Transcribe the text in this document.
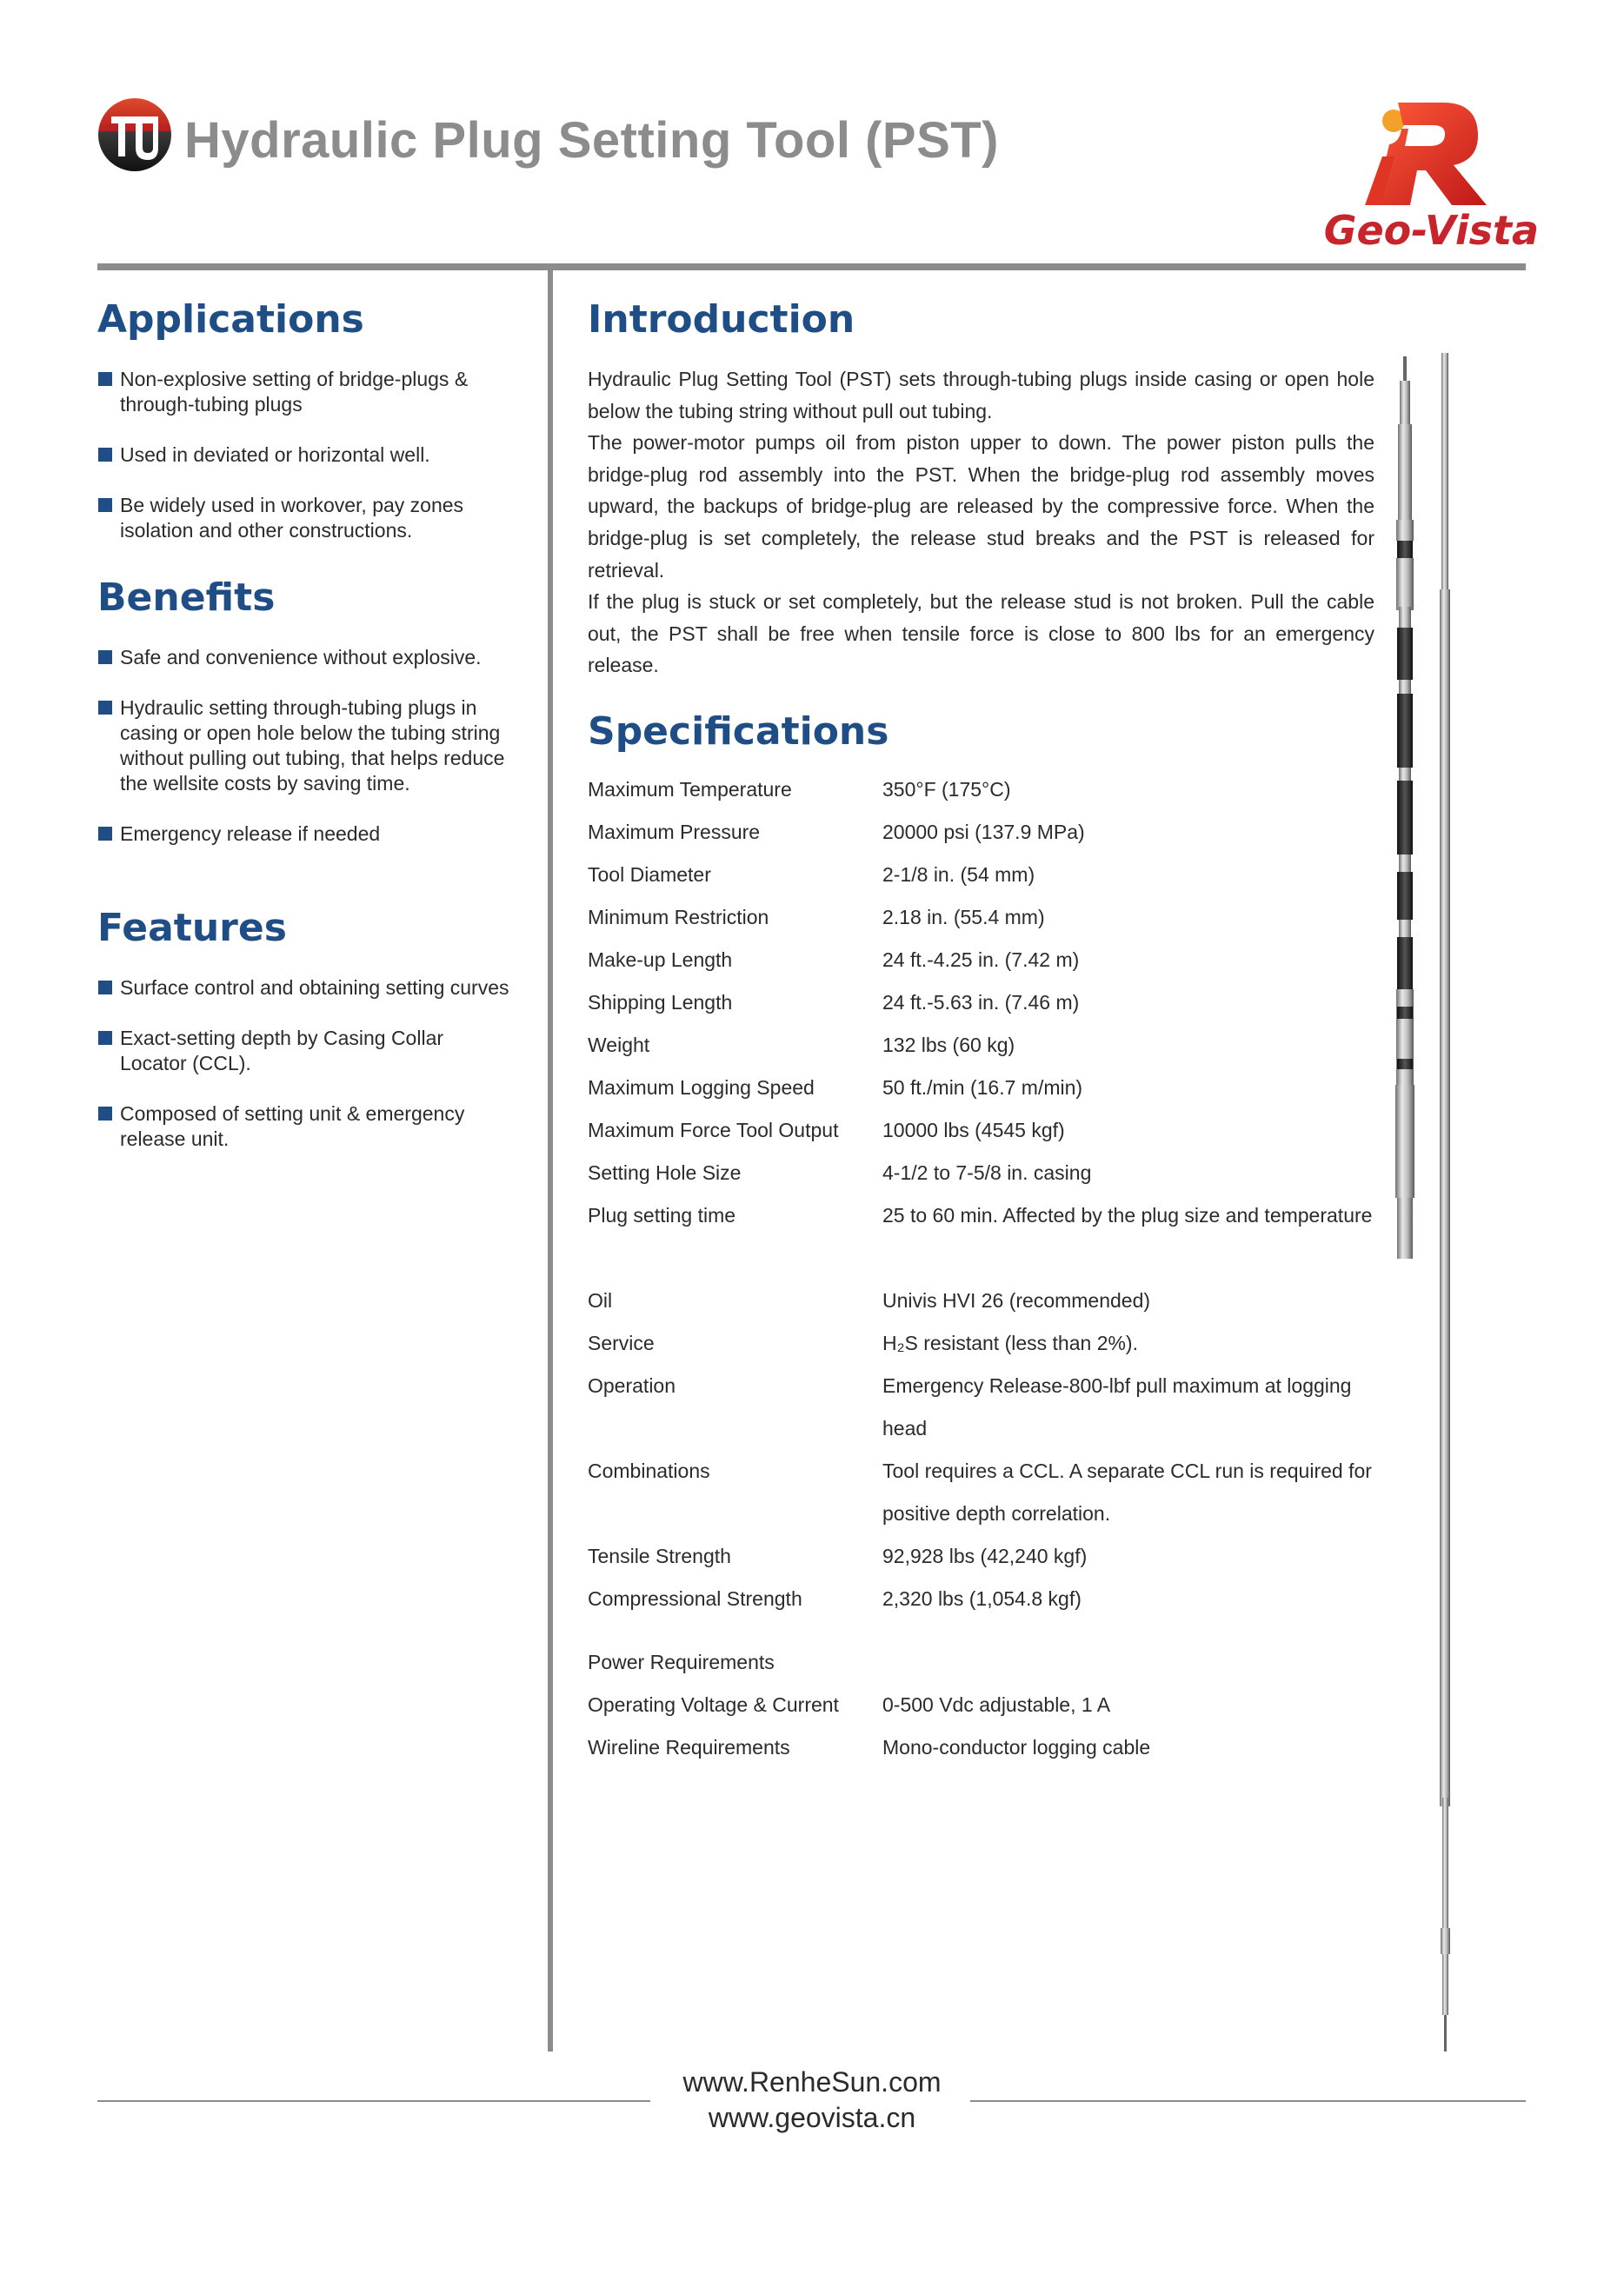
Hydraulic Plug Setting Tool (PST)
Geo-Vista
Applications
Non-explosive setting of bridge-plugs & through-tubing plugs
Used in deviated or horizontal well.
Be widely used in workover, pay zones isolation and other constructions.
Benefits
Safe and convenience without explosive.
Hydraulic setting through-tubing plugs in casing or open hole below the tubing string without pulling out tubing, that helps reduce the wellsite costs by saving time.
Emergency release if needed
Features
Surface control and obtaining setting curves
Exact-setting depth by Casing Collar Locator (CCL).
Composed of setting unit & emergency release unit.
Introduction

Hydraulic Plug Setting Tool (PST) sets through-tubing plugs inside casing or open hole below the tubing string without pull out tubing.

The power-motor pumps oil from piston upper to down. The power piston pulls the bridge-plug rod assembly into the PST. When the bridge-plug rod assembly moves upward, the backups of bridge-plug are released by the compressive force. When the bridge-plug is set completely, the release stud breaks and the PST is released for retrieval.

If the plug is stuck or set completely, but the release stud is not broken. Pull the cable out, the PST shall be free when tensile force is close to 800 lbs for an emergency release.

Specifications
Maximum Temperature	350°F (175°C)
Maximum Pressure	20000 psi (137.9 MPa)
Tool Diameter	2-1/8 in. (54 mm)
Minimum Restriction	2.18 in. (55.4 mm)
Make-up Length	24 ft.-4.25 in. (7.42 m)
Shipping Length	24 ft.-5.63 in. (7.46 m)
Weight	132 lbs (60 kg)
Maximum Logging Speed	50 ft./min (16.7 m/min)
Maximum Force Tool Output	10000 lbs (4545 kgf)
Setting Hole Size	4-1/2 to 7-5/8 in. casing
Plug setting time	25 to 60 min. Affected by the plug size and temperature
Oil	Univis HVI 26 (recommended)
Service	H₂S resistant (less than 2%).
Operation	Emergency Release-800-lbf pull maximum at logging head
Combinations	Tool requires a CCL. A separate CCL run is required for positive depth correlation.
Tensile Strength	92,928 lbs (42,240 kgf)
Compressional Strength	2,320 lbs (1,054.8 kgf)
Power Requirements
Operating Voltage & Current	0-500 Vdc adjustable, 1 A
Wireline Requirements	Mono-conductor logging cable
www.RenheSun.com
www.geovista.cn
